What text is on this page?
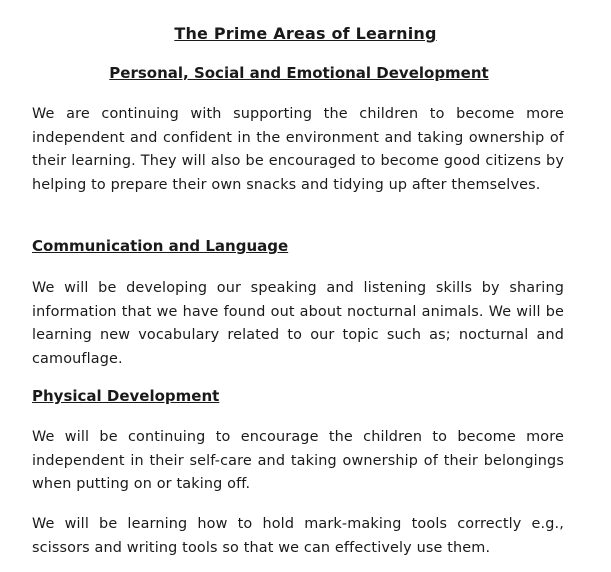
The Prime Areas of Learning
Personal, Social and Emotional Development
We are continuing with supporting the children to become more independent and confident in the environment and taking ownership of their learning. They will also be encouraged to become good citizens by helping to prepare their own snacks and tidying up after themselves.
Communication and Language
We will be developing our speaking and listening skills by sharing information that we have found out about nocturnal animals. We will be learning new vocabulary related to our topic such as; nocturnal and camouflage.
Physical Development
We will be continuing to encourage the children to become more independent in their self-care and taking ownership of their belongings when putting on or taking off.
We will be learning how to hold mark-making tools correctly e.g., scissors and writing tools so that we can effectively use them.
